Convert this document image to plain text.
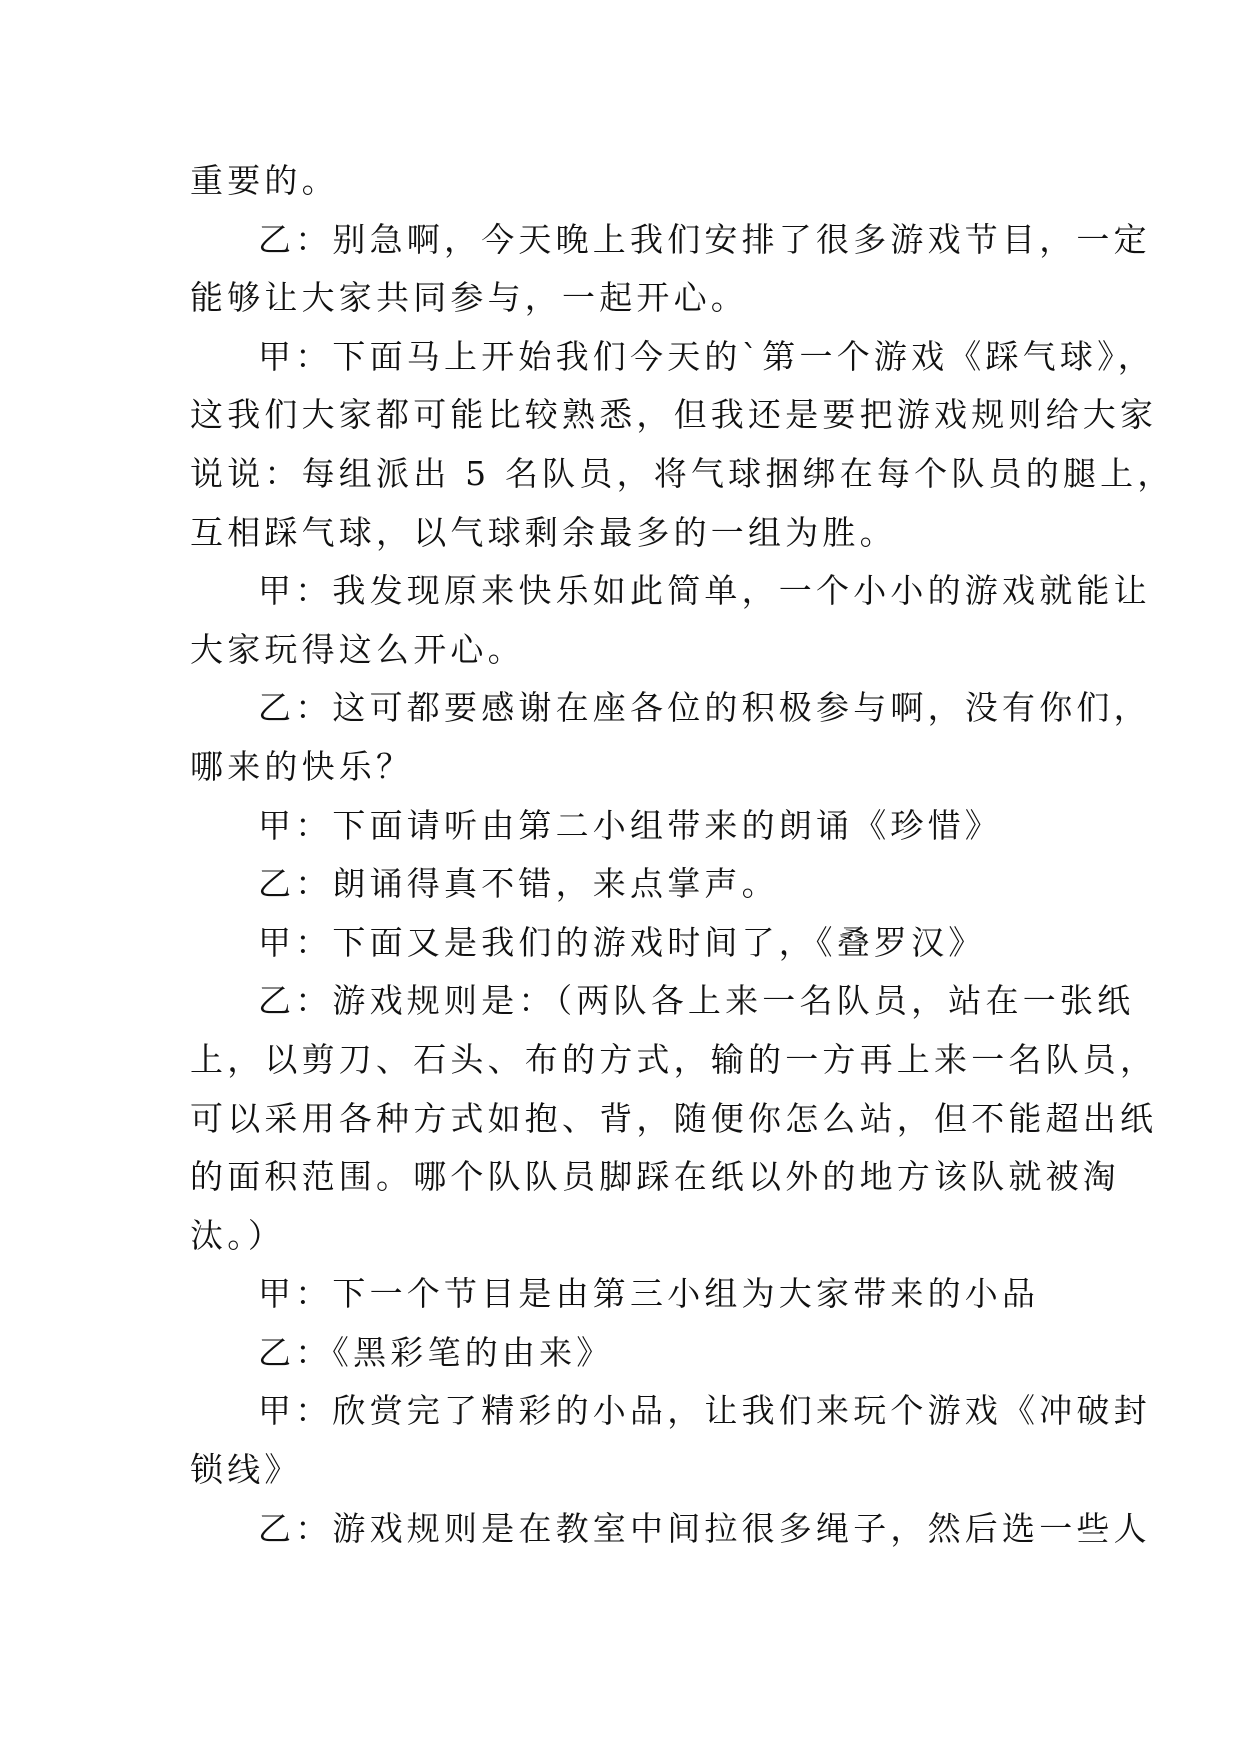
重要的。
乙：别急啊，今天晚上我们安排了很多游戏节目，一定
能够让大家共同参与，一起开心。
甲：下面马上开始我们今天的`第一个游戏《踩气球》，
这我们大家都可能比较熟悉，但我还是要把游戏规则给大家
说说：每组派出 5 名队员，将气球捆绑在每个队员的腿上，
互相踩气球，以气球剩余最多的一组为胜。
甲：我发现原来快乐如此简单，一个小小的游戏就能让
大家玩得这么开心。
乙：这可都要感谢在座各位的积极参与啊，没有你们，
哪来的快乐？
甲：下面请听由第二小组带来的朗诵《珍惜》
乙：朗诵得真不错，来点掌声。
甲：下面又是我们的游戏时间了，《叠罗汉》
乙：游戏规则是：（两队各上来一名队员，站在一张纸
上，以剪刀、石头、布的方式，输的一方再上来一名队员，
可以采用各种方式如抱、背，随便你怎么站，但不能超出纸
的面积范围。哪个队队员脚踩在纸以外的地方该队就被淘
汰。）
甲：下一个节目是由第三小组为大家带来的小品
乙：《黑彩笔的由来》
甲：欣赏完了精彩的小品，让我们来玩个游戏《冲破封
锁线》
乙：游戏规则是在教室中间拉很多绳子，然后选一些人
